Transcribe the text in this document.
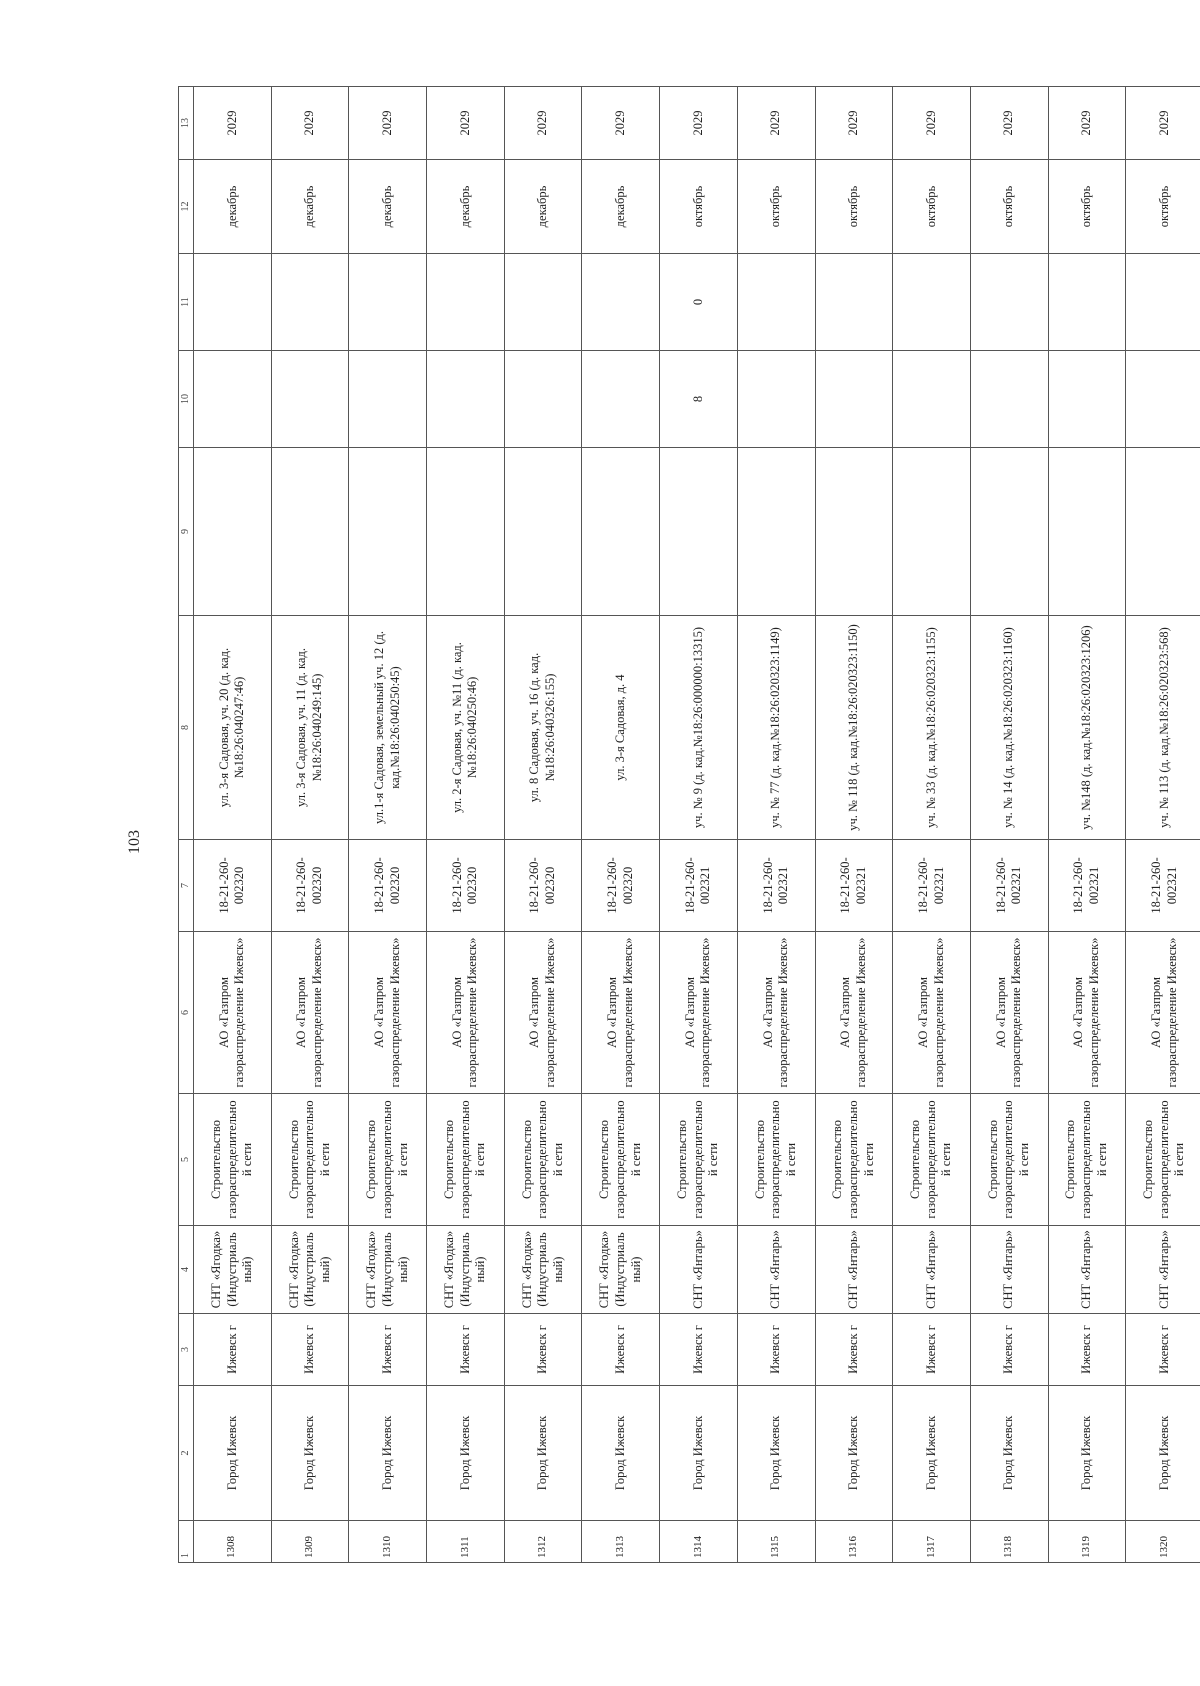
103
1	2	3	4	5	6	7	8	9	10	11	12	13
1308	Город Ижевск	Ижевск г	СНТ «Ягодка» (Индустриальный)	Строительство газораспределительной сети	АО «Газпром газораспределение Ижевск»	18-21-260-002320	ул. 3-я Садовая, уч. 20 (д. кад.№18:26:040247:46)				декабрь	2029
1309	Город Ижевск	Ижевск г	СНТ «Ягодка» (Индустриальный)	Строительство газораспределительной сети	АО «Газпром газораспределение Ижевск»	18-21-260-002320	ул. 3-я Садовая, уч. 11 (д. кад.№18:26:040249:145)				декабрь	2029
1310	Город Ижевск	Ижевск г	СНТ «Ягодка» (Индустриальный)	Строительство газораспределительной сети	АО «Газпром газораспределение Ижевск»	18-21-260-002320	ул.1-я Садовая, земельный уч. 12 (д. кад.№18:26:040250:45)				декабрь	2029
1311	Город Ижевск	Ижевск г	СНТ «Ягодка» (Индустриальный)	Строительство газораспределительной сети	АО «Газпром газораспределение Ижевск»	18-21-260-002320	ул. 2-я Садовая, уч. №11 (д. кад.№18:26:040250:46)				декабрь	2029
1312	Город Ижевск	Ижевск г	СНТ «Ягодка» (Индустриальный)	Строительство газораспределительной сети	АО «Газпром газораспределение Ижевск»	18-21-260-002320	ул. 8 Садовая, уч. 16 (д. кад.№18:26:040326:155)				декабрь	2029
1313	Город Ижевск	Ижевск г	СНТ «Ягодка» (Индустриальный)	Строительство газораспределительной сети	АО «Газпром газораспределение Ижевск»	18-21-260-002320	ул. 3-я Садовая, д. 4				декабрь	2029
1314	Город Ижевск	Ижевск г	СНТ «Янтарь»	Строительство газораспределительной сети	АО «Газпром газораспределение Ижевск»	18-21-260-002321	уч. № 9 (д. кад.№18:26:000000:13315)		8	0	октябрь	2029
1315	Город Ижевск	Ижевск г	СНТ «Янтарь»	Строительство газораспределительной сети	АО «Газпром газораспределение Ижевск»	18-21-260-002321	уч. № 77 (д. кад.№18:26:020323:1149)				октябрь	2029
1316	Город Ижевск	Ижевск г	СНТ «Янтарь»	Строительство газораспределительной сети	АО «Газпром газораспределение Ижевск»	18-21-260-002321	уч. № 118 (д. кад.№18:26:020323:1150)				октябрь	2029
1317	Город Ижевск	Ижевск г	СНТ «Янтарь»	Строительство газораспределительной сети	АО «Газпром газораспределение Ижевск»	18-21-260-002321	уч. № 33 (д. кад.№18:26:020323:1155)				октябрь	2029
1318	Город Ижевск	Ижевск г	СНТ «Янтарь»	Строительство газораспределительной сети	АО «Газпром газораспределение Ижевск»	18-21-260-002321	уч. № 14 (д. кад.№18:26:020323:1160)				октябрь	2029
1319	Город Ижевск	Ижевск г	СНТ «Янтарь»	Строительство газораспределительной сети	АО «Газпром газораспределение Ижевск»	18-21-260-002321	уч. №148 (д. кад.№18:26:020323:1206)				октябрь	2029
1320	Город Ижевск	Ижевск г	СНТ «Янтарь»	Строительство газораспределительной сети	АО «Газпром газораспределение Ижевск»	18-21-260-002321	уч. № 113 (д. кад.№18:26:020323:568)				октябрь	2029
